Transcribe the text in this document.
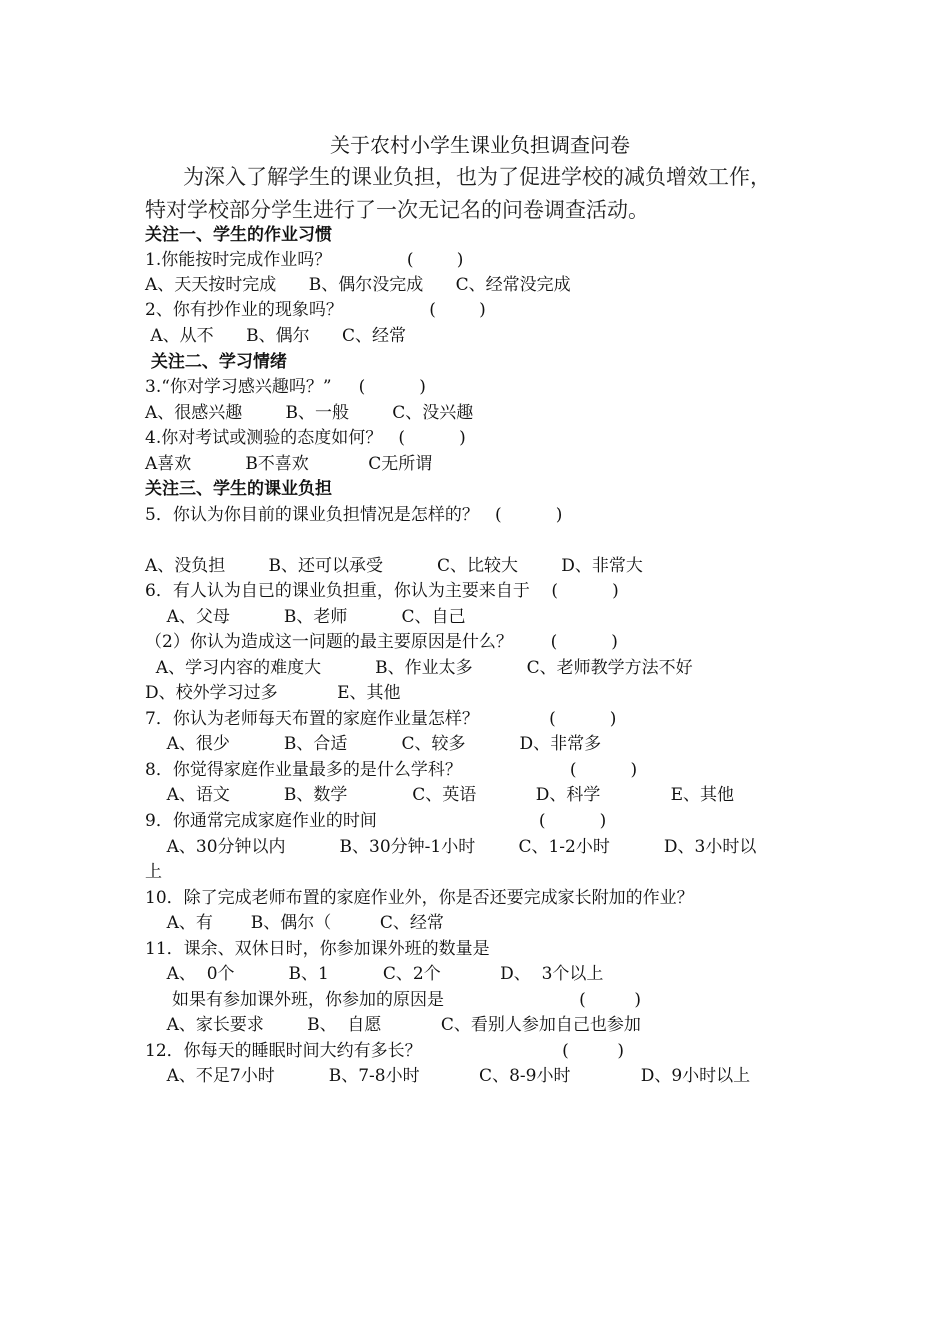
关于农村小学生课业负担调查问卷
为深入了解学生的课业负担，也为了促进学校的减负增效工作，
特对学校部分学生进行了一次无记名的问卷调查活动。
关注一、学生的作业习惯
1.你能按时完成作业吗？              (        )
A、天天按时完成      B、偶尔没完成      C、经常没完成
2、你有抄作业的现象吗？                (        )
A、从不      B、偶尔      C、经常
关注二、学习情绪
3.“你对学习感兴趣吗？”     (          )
A、很感兴趣        B、一般        C、没兴趣
4.你对考试或测验的态度如何？   (          )
A喜欢          B不喜欢           C无所谓
关注三、学生的课业负担
5．你认为你目前的课业负担情况是怎样的？   (          )
A、没负担        B、还可以承受          C、比较大        D、非常大
6．有人认为自已的课业负担重，你认为主要来自于    (          )
A、父母          B、老师          C、自己
（2）你认为造成这一问题的最主要原因是什么？       (          )
A、学习内容的难度大          B、作业太多          C、老师教学方法不好
D、校外学习过多           E、其他
7．你认为老师每天布置的家庭作业量怎样？             (          )
A、很少          B、合适          C、较多          D、非常多
8．你觉得家庭作业量最多的是什么学科？                    (          )
A、语文          B、数学            C、英语           D、科学             E、其他
9．你通常完成家庭作业的时间                              (          )
A、30分钟以内          B、30分钟-1小时        C、1-2小时          D、3小时以
上
10．除了完成老师布置的家庭作业外，你是否还要完成家长附加的作业？
A、有       B、偶尔（         C、经常
11．课余、双休日时，你参加课外班的数量是
A、  0个          B、1          C、2个           D、  3个以上
如果有参加课外班，你参加的原因是                         (         )
A、家长要求        B、  自愿           C、看别人参加自己也参加
12．你每天的睡眠时间大约有多长？                          (         )
A、不足7小时          B、7-8小时           C、8-9小时             D、9小时以上
